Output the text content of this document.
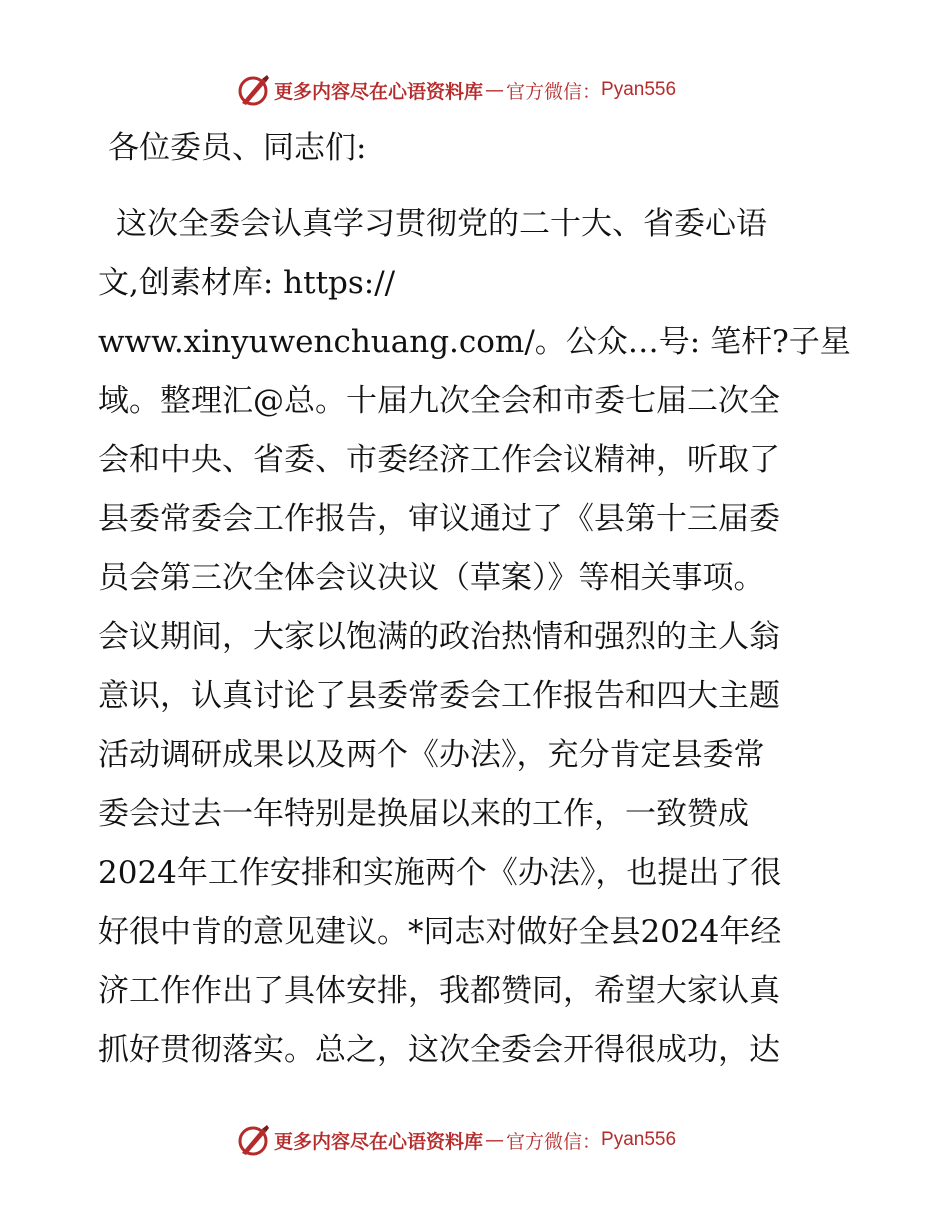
更多内容尽在心语资料库 — 官方微信： Pyan556
各位委员、同志们:
这次全委会认真学习贯彻党的二十大、省委心语
文,创素材库: https://
www.xinyuwenchuang.com/。公众…号: 笔杆?子星
域。整理汇@总。十届九次全会和市委七届二次全
会和中央、省委、市委经济工作会议精神，听取了
县委常委会工作报告，审议通过了《县第十三届委
员会第三次全体会议决议（草案）》等相关事项。
会议期间，大家以饱满的政治热情和强烈的主人翁
意识，认真讨论了县委常委会工作报告和四大主题
活动调研成果以及两个《办法》，充分肯定县委常
委会过去一年特别是换届以来的工作，一致赞成
2024年工作安排和实施两个《办法》，也提出了很
好很中肯的意见建议。*同志对做好全县2024年经
济工作作出了具体安排，我都赞同，希望大家认真
抓好贯彻落实。总之，这次全委会开得很成功，达
更多内容尽在心语资料库 — 官方微信： Pyan556
